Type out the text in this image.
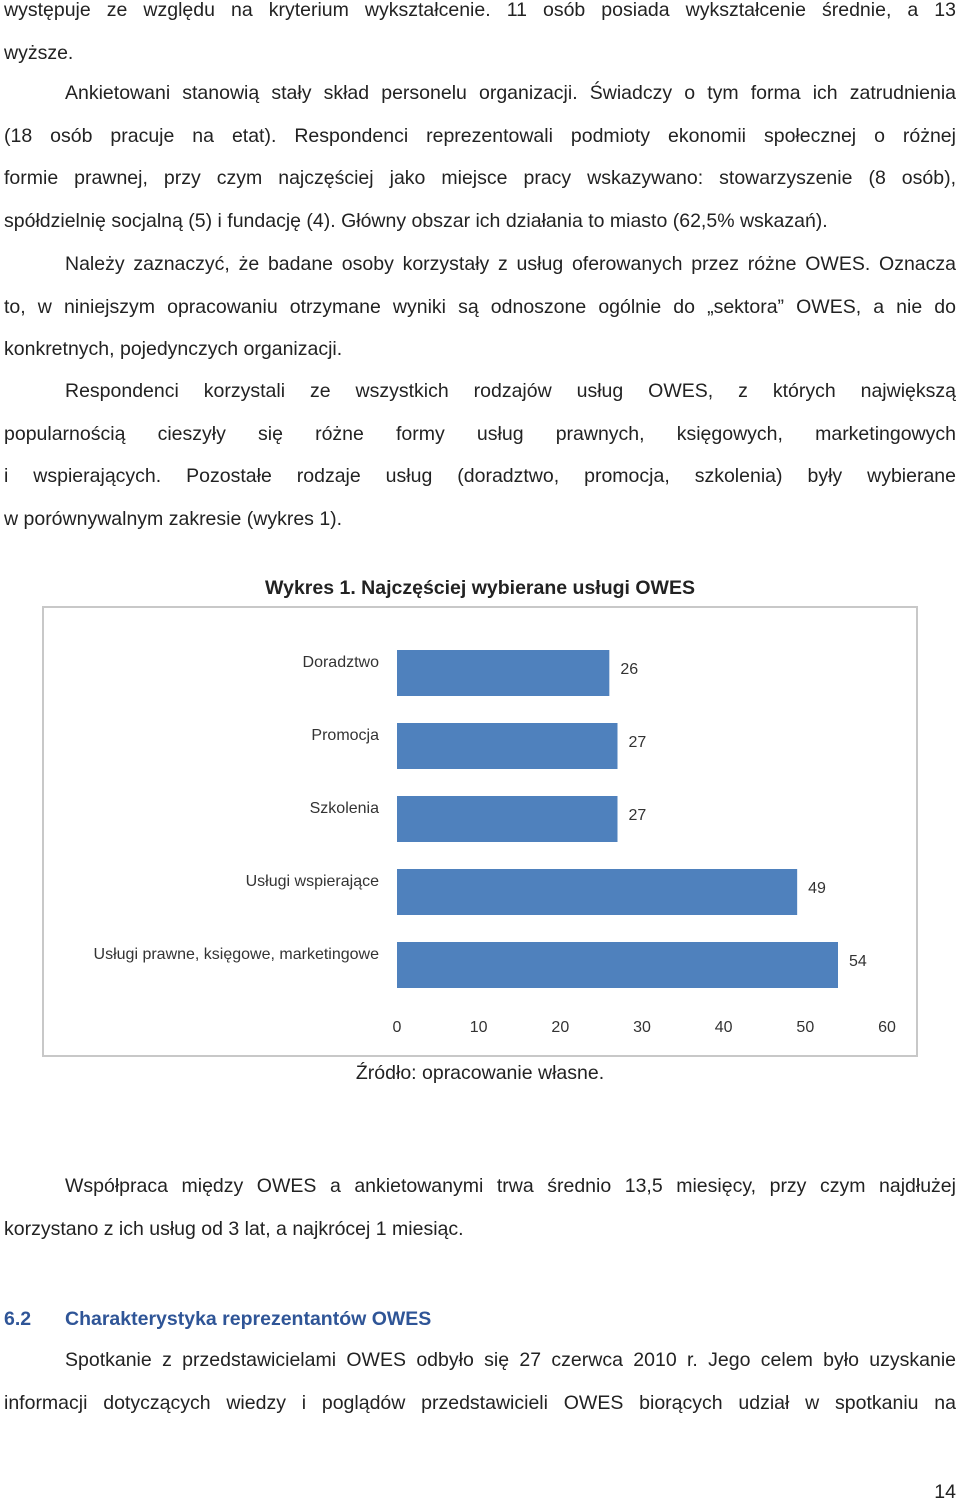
występuje ze względu na kryterium wykształcenie. 11 osób posiada wykształcenie średnie, a 13
wyższe.
Ankietowani stanowią stały skład personelu organizacji. Świadczy o tym forma ich zatrudnienia
(18 osób pracuje na etat). Respondenci reprezentowali podmioty ekonomii społecznej o różnej
formie prawnej, przy czym najczęściej jako miejsce pracy wskazywano: stowarzyszenie (8 osób),
spółdzielnię socjalną (5) i fundację (4). Główny obszar ich działania to miasto (62,5% wskazań).
Należy zaznaczyć, że badane osoby korzystały z usług oferowanych przez różne OWES. Oznacza
to, w niniejszym opracowaniu otrzymane wyniki są odnoszone ogólnie do „sektora” OWES, a nie do
konkretnych, pojedynczych organizacji.
Respondenci korzystali ze wszystkich rodzajów usług OWES, z których największą
popularnością cieszyły się różne formy usług prawnych, księgowych, marketingowych
i wspierających. Pozostałe rodzaje usług (doradztwo, promocja, szkolenia) były wybierane
w porównywalnym zakresie (wykres 1).
Wykres 1. Najczęściej wybierane usługi OWES
Doradztwo	26
Promocja	27
Szkolenia	27
Usługi wspierające	49
Usługi prawne, księgowe, marketingowe	54
0	10	20	30	40	50	60
Źródło: opracowanie własne.
Współpraca między OWES a ankietowanymi trwa średnio 13,5 miesięcy, przy czym najdłużej
korzystano z ich usług od 3 lat, a najkrócej 1 miesiąc.
6.2 Charakterystyka reprezentantów OWES
Spotkanie z przedstawicielami OWES odbyło się 27 czerwca 2010 r. Jego celem było uzyskanie
informacji dotyczących wiedzy i poglądów przedstawicieli OWES biorących udział w spotkaniu na
14
